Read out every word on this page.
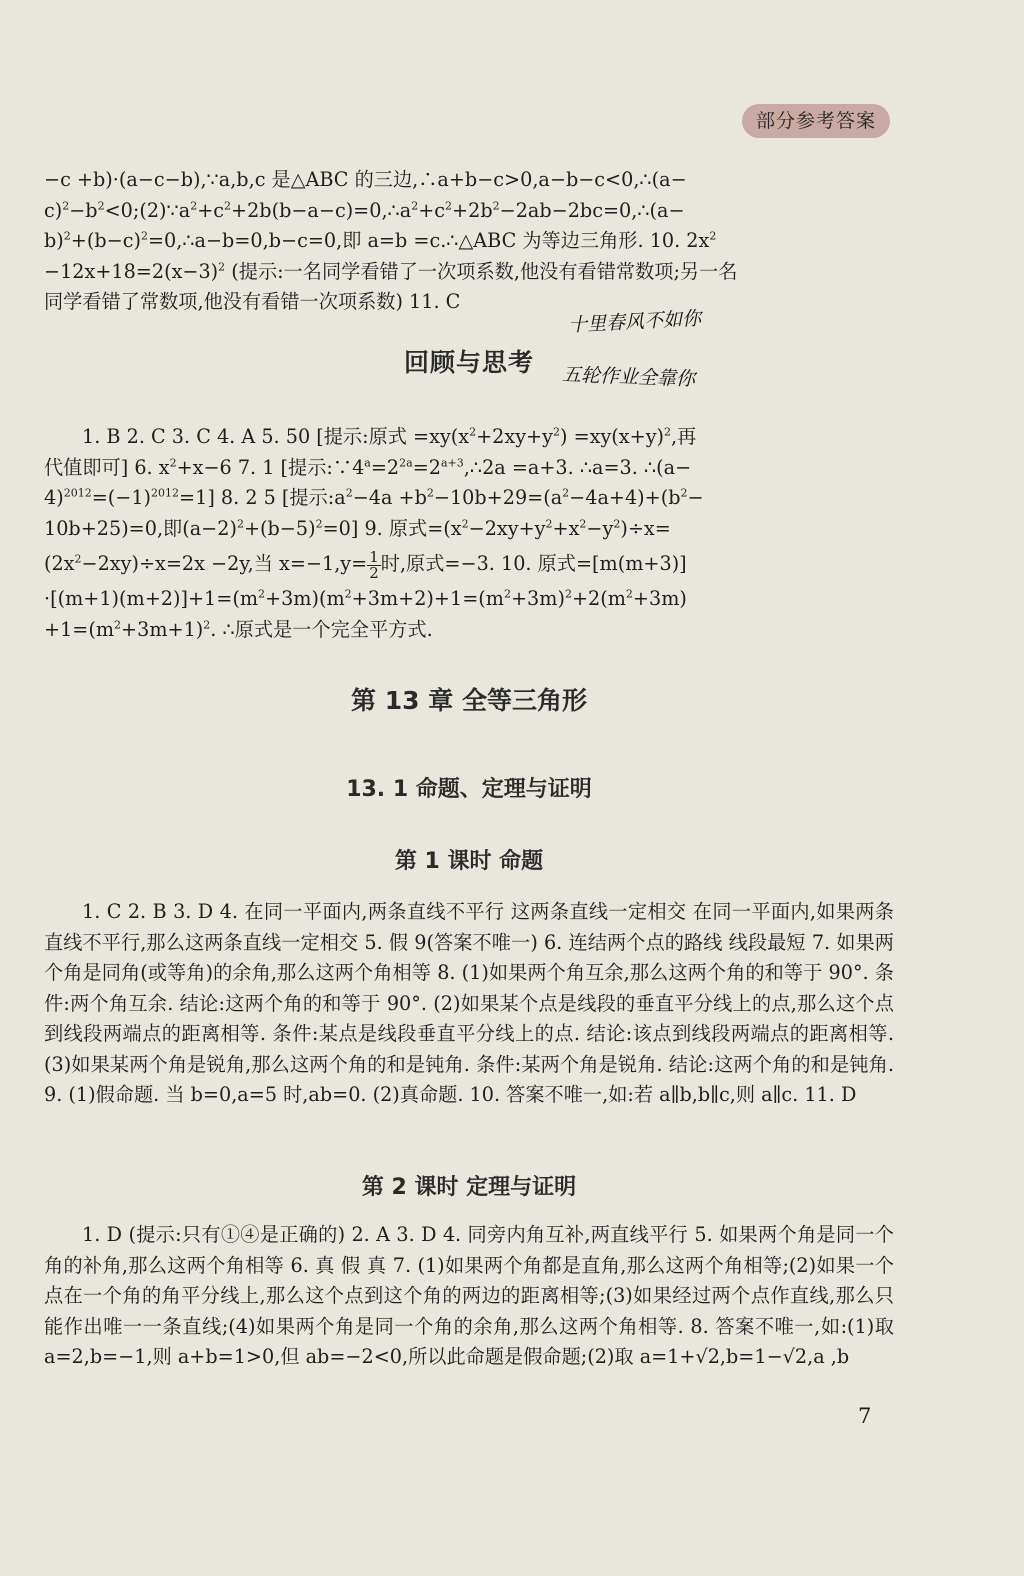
部分参考答案
−c +b)·(a−c−b),∵a,b,c 是△ABC 的三边,∴a+b−c>0,a−b−c<0,∴(a−
$c)^2-b^2<0;(2)\because a^2+c^2+2b(b-a-c)=0,\therefore a^2+c^2+2b^2-2ab-2bc=0,\therefore(a-$
$b)^2+(b-c)^2=0,\therefore a-b=0,b-c=0$,即 a=b =c.∴△ABC 为等边三角形. 10. $2x^2$
$-12x+18=2(x-3)^2$ (提示:一名同学看错了一次项系数,他没有看错常数项;另一名
同学看错了常数项,他没有看错一次项系数) 11. C
十里春风不如你
五轮作业全靠你
回顾与思考
1. B 2. C 3. C 4. A 5. 50 [提示:原式 $=xy(x^2+2xy+y^2) =xy(x+y)^2$,再
代值即可] 6. $x^2+x-6$ 7. 1 [提示$:\because 4^a=2^{2a}=2^{a+3},\therefore 2a =a+3$. ∴a=3. ∴(a−
$4)^{2012}=(-1)^{2012}=1$] 8. 2 5 [提示$:a^2-4a +b^2-10b+29=(a^2-4a+4)+(b^2-$
10b+25)=0,即$(a-2)^2+(b-5)^2=0$] 9. 原式$=(x^2-2xy+y^2+x^2-y^2)\div x=$
$(2x^2-2xy)\div x=2x -2y$,当 $x=-1,y= \frac{1}{2}$ 时,原式=−3. 10. 原式=[m(m+3)]
$\cdot[(m+1)(m+2)]+1=(m^2+3m)(m^2+3m+2)+1=(m^2+3m)^2+2(m^2+3m)$
$+1=(m^2+3m+1)^2$. ∴原式是一个完全平方式.
第 13 章 全等三角形
13. 1 命题、定理与证明
第 1 课时 命题
1. C 2. B 3. D 4. 在同一平面内,两条直线不平行 这两条直线一定相交 在同一平面内,如果两条直线不平行,那么这两条直线一定相交 5. 假 9(答案不唯一) 6. 连结两个点的路线 线段最短 7. 如果两个角是同角(或等角)的余角,那么这两个角相等 8. (1)如果两个角互余,那么这两个角的和等于 90°. 条件:两个角互余. 结论:这两个角的和等于 90°. (2)如果某个点是线段的垂直平分线上的点,那么这个点到线段两端点的距离相等. 条件:某点是线段垂直平分线上的点. 结论:该点到线段两端点的距离相等. (3)如果某两个角是锐角,那么这两个角的和是钝角. 条件:某两个角是锐角. 结论:这两个角的和是钝角. 9. (1)假命题. 当 b=0,a=5 时,ab=0. (2)真命题. 10. 答案不唯一,如:若 a∥b,b∥c,则 a∥c. 11. D
第 2 课时 定理与证明
1. D (提示:只有①④是正确的) 2. A 3. D 4. 同旁内角互补,两直线平行 5. 如果两个角是同一个角的补角,那么这两个角相等 6. 真 假 真 7. (1)如果两个角都是直角,那么这两个角相等;(2)如果一个点在一个角的角平分线上,那么这个点到这个角的两边的距离相等;(3)如果经过两个点作直线,那么只能作出唯一一条直线;(4)如果两个角是同一个角的余角,那么这两个角相等. 8. 答案不唯一,如:(1)取 a=2,b=−1,则 a+b=1>0,但 ab=−2<0,所以此命题是假命题;(2)取 a=1+√2,b=1−√2,a ,b
7
